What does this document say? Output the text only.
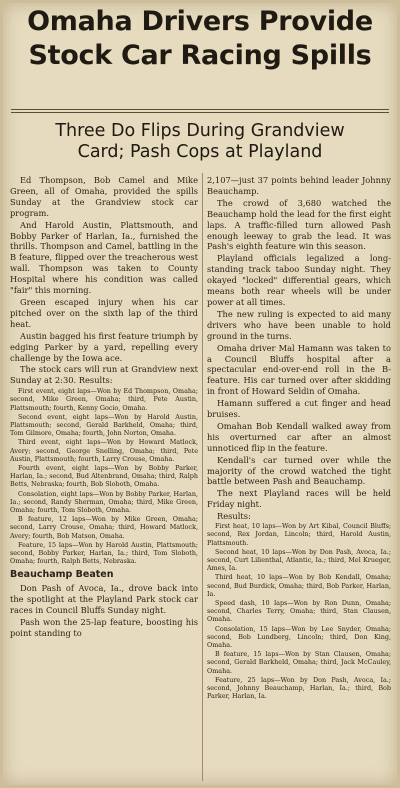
Omaha Drivers Provide
Stock Car Racing Spills
Three Do Flips During Grandview
Card; Pash Cops at Playland

Ed Thompson, Bob Camel and Mike Green, all of Omaha, provided the spills Sunday at the Grandview stock car program.

And Harold Austin, Plattsmouth, and Bobby Parker of Harlan, Ia., furnished the thrills. Thompson and Camel, battling in the B feature, flipped over the treacherous west wall. Thompson was taken to County Hospital where his condition was called "fair" this morning.

Green escaped injury when his car pitched over on the sixth lap of the third heat.

Austin bagged his first feature triumph by edging Parker by a yard, repelling every challenge by the Iowa ace.

The stock cars will run at Grandview next Sunday at 2:30. Results:

First event, eight laps—Won by Ed Thompson, Omaha; second, Mike Green, Omaha; third, Pete Austin, Plattsmouth; fourth, Kenny Gocio, Omaha.
Second event, eight laps—Won by Harold Austin, Plattsmouth; second, Gerald Barkheld, Omaha; third, Tom Gilmore, Omaha; fourth, John Norton, Omaha.
Third event, eight laps—Won by Howard Matlock, Avery; second, George Snelling, Omaha; third, Pete Austin, Plattsmouth; fourth, Larry Crouse, Omaha.
Fourth event, eight laps—Won by Bobby Parker, Harlan, Ia.; second, Bud Altenbrand, Omaha; third, Ralph Betts, Nebraska; fourth, Bob Sloboth, Omaha.
Consolation, eight laps—Won by Bobby Parker, Harlan, Ia.; second, Randy Sherman, Omaha; third, Mike Green, Omaha; fourth, Tom Sloboth, Omaha.
B feature, 12 laps—Won by Mike Green, Omaha; second, Larry Crouse, Omaha; third, Howard Matlock, Avery; fourth, Bob Matson, Omaha.
Feature, 15 laps—Won by Harold Austin, Plattsmouth; second, Bobby Parker, Harlan, Ia.; third, Tom Sloboth, Omaha; fourth, Ralph Betts, Nebraska.
Beauchamp Beaten

Don Pash of Avoca, Ia., drove back into the spotlight at the Playland Park stock car races in Council Bluffs Sunday night.

Pash won the 25-lap feature, boosting his point standing to

2,107—just 37 points behind leader Johnny Beauchamp.

The crowd of 3,680 watched the Beauchamp hold the lead for the first eight laps. A traffic-filled turn allowed Pash enough leeway to grab the lead. It was Pash's eighth feature win this season.

Playland officials legalized a long-standing track taboo Sunday night. They okayed "locked" differential gears, which means both rear wheels will be under power at all times.

The new ruling is expected to aid many drivers who have been unable to hold ground in the turns.

Omaha driver Mal Hamann was taken to a Council Bluffs hospital after a spectacular end-over-end roll in the B-feature. His car turned over after skidding in front of Howard Seldin of Omaha.

Hamann suffered a cut finger and head bruises.

Omahan Bob Kendall walked away from his overturned car after an almost unnoticed flip in the feature.

Kendall's car turned over while the majority of the crowd watched the tight battle between Pash and Beauchamp.

The next Playland races will be held Friday night.

Results:

First heat, 10 laps—Won by Art Kibal, Council Bluffs; second, Rex Jordan, Lincoln; third, Harold Austin, Plattsmouth.
Second heat, 10 laps—Won by Don Pash, Avoca, Ia.; second, Curt Lilienthal, Atlantic, Ia.; third, Mel Krueger, Ames, Ia.
Third heat, 10 laps—Won by Bob Kendall, Omaha; second, Bud Burdick, Omaha; third, Bob Parker, Harlan, Ia.
Speed dash, 10 laps—Won by Ron Dunn, Omaha; second, Charles Terry, Omaha; third, Stan Clausen, Omaha.
Consolation, 15 laps—Won by Lee Snyder, Omaha; second, Bob Lundberg, Lincoln; third, Don King, Omaha.
B feature, 15 laps—Won by Stan Clausen, Omaha; second, Gerald Barkheld, Omaha; third, Jack McCauley, Omaha.
Feature, 25 laps—Won by Don Pash, Avoca, Ia.; second, Johnny Beauchamp, Harlan, Ia.; third, Bob Parker, Harlan, Ia.
